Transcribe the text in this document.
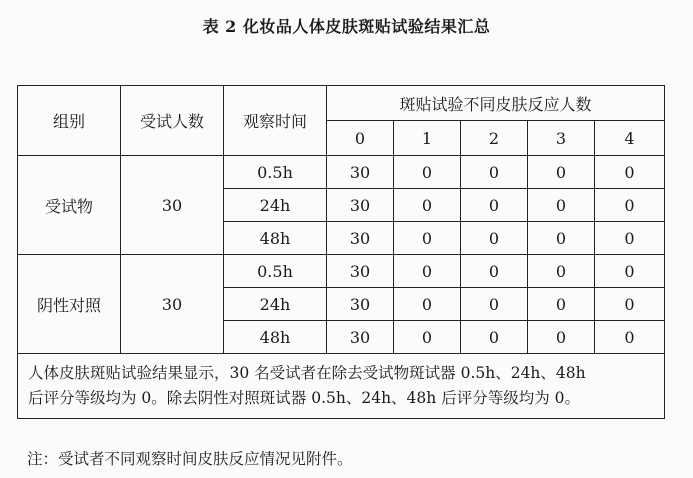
表 2 化妆品人体皮肤斑贴试验结果汇总
组别	受试人数	观察时间	斑贴试验不同皮肤反应人数				
			0	1	2	3	4
受试物	30	0.5h	30	0	0	0	0
		24h	30	0	0	0	0
		48h	30	0	0	0	0
阴性对照	30	0.5h	30	0	0	0	0
		24h	30	0	0	0	0
		48h	30	0	0	0	0

人体皮肤斑贴试验结果显示，30 名受试者在除去受试物斑试器 0.5h、24h、48h
后评分等级均为 0。除去阴性对照斑试器 0.5h、24h、48h 后评分等级均为 0。							
注：受试者不同观察时间皮肤反应情况见附件。
